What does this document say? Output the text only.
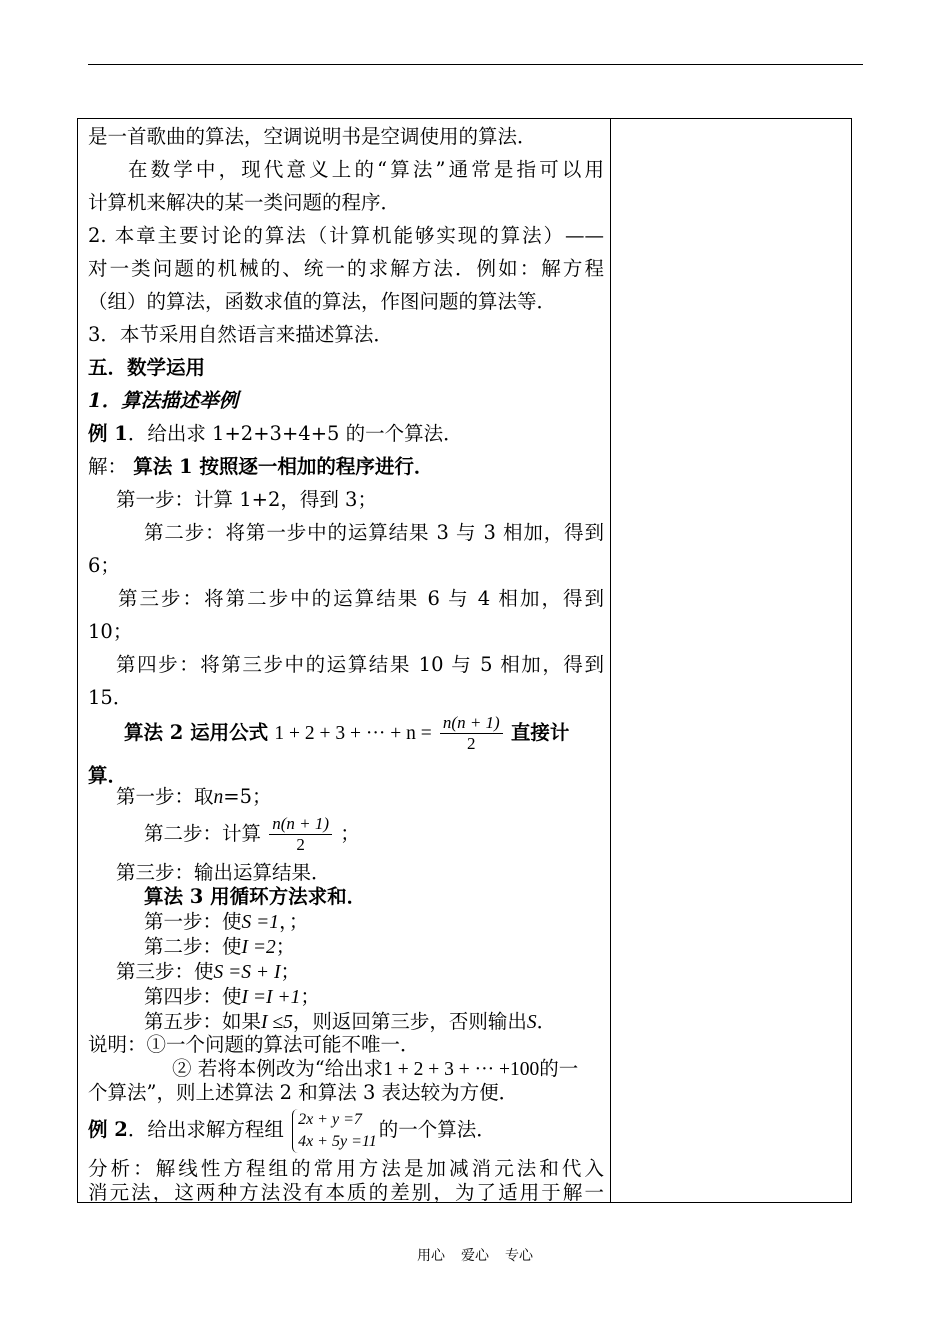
是一首歌曲的算法，空调说明书是空调使用的算法．
在数学中，现代意义上的“算法”通常是指可以用
计算机来解决的某一类问题的程序．
2. 本章主要讨论的算法（计算机能够实现的算法）——
对一类问题的机械的、统一的求解方法．例如：解方程
（组）的算法，函数求值的算法，作图问题的算法等．
3．本节采用自然语言来描述算法．
五．数学运用
1．算法描述举例
例 1．给出求 1+2+3+4+5 的一个算法．
解： 算法 1 按照逐一相加的程序进行．
第一步：计算 1+2，得到 3；
第二步：将第一步中的运算结果 3 与 3 相加，得到
6；
第三步：将第二步中的运算结果 6 与 4 相加，得到
10；
第四步：将第三步中的运算结果 10 与 5 相加，得到
15．
算法 2 运用公式 1 + 2 + 3 + ··· + $n = \frac{n(n + 1)}{2}$ 直接计
算．
第一步：取n=5；
第二步：计算 $\frac{n(n + 1)}{2}$ ；
第三步：输出运算结果．
算法 3 用循环方法求和．
第一步：使S =1，；
第二步：使I =2；
第三步：使S =S + I；
第四步：使I =I +1；
第五步：如果I ≤5，则返回第三步，否则输出S．
说明：①一个问题的算法可能不唯一．
② 若将本例改为“给出求1 + 2 + 3 + ··· +100的一
个算法”，则上述算法 2 和算法 3 表达较为方便．
例 2．给出求解方程组 2x + y =7
4x + 5y =11 的一个算法．
分析：解线性方程组的常用方法是加减消元法和代入
消元法，这两种方法没有本质的差别，为了适用于解一
用心 爱心 专心
